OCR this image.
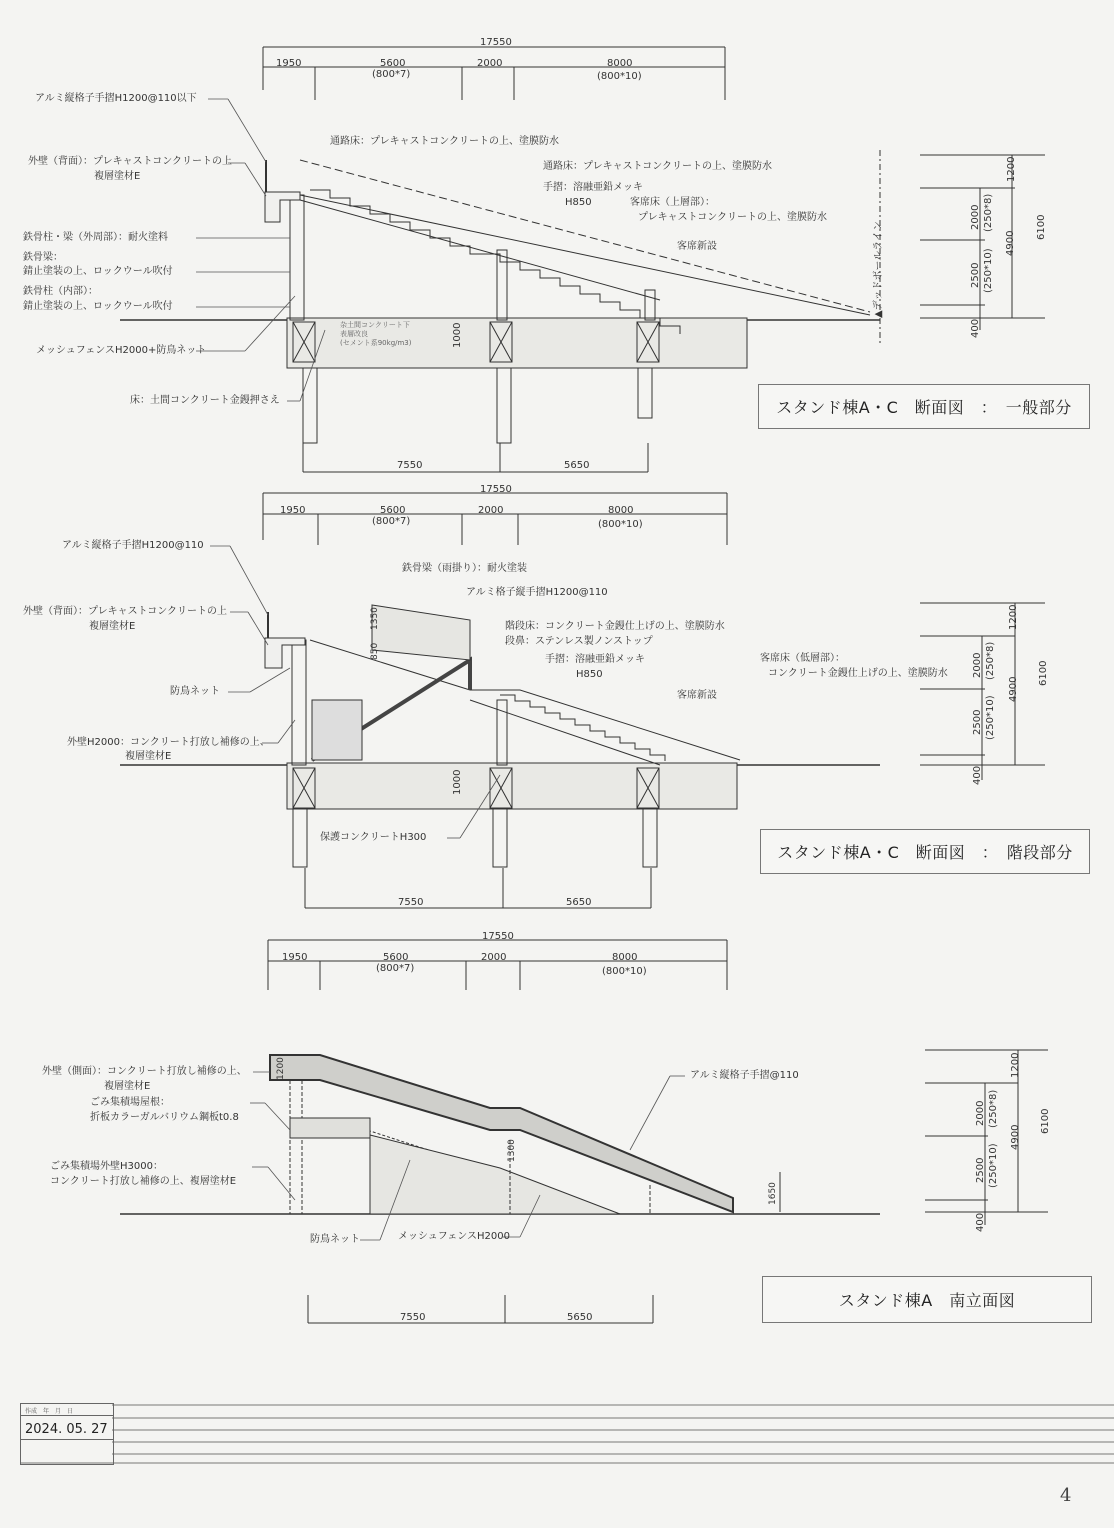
17550
1950	5600
(800*7)
2000	8000
(800*10)
アルミ縦格子手摺H1200@110以下
外壁（背面）：プレキャストコンクリートの上
複層塗材E
鉄骨柱・梁（外周部）：耐火塗料
鉄骨梁：
錆止塗装の上、ロックウール吹付
鉄骨柱（内部）：
錆止塗装の上、ロックウール吹付
メッシュフェンスH2000+防鳥ネット
床：土間コンクリート金鏝押さえ
通路床：プレキャストコンクリートの上、塗膜防水
通路床：プレキャストコンクリートの上、塗膜防水
手摺：溶融亜鉛メッキ
H850	客席床（上層部）：
プレキャストコンクリートの上、塗膜防水
客席新設
杂土間コンクリート下
表層改良
(セメント系90kg/m3)	1000
▲デッドボールライン
1200
2000 (250*8)
2500 (250*10)
400
4900
6100
7550	5650
スタンド棟A・C　断面図　：　一般部分
17550
1950	5600
(800*7)
2000	8000
(800*10)
アルミ縦格子手摺H1200@110
外壁（背面）：プレキャストコンクリートの上
複層塗材E
防鳥ネット
外壁H2000：コンクリート打放し補修の上、
複層塗材E
鉄骨梁（雨掛り）：耐火塗装
アルミ格子縦手摺H1200@110
階段床：コンクリート金鏝仕上げの上、塗膜防水
段鼻：ステンレス製ノンストップ
手摺：溶融亜鉛メッキ
H850
客席床（低層部）：
コンクリート金鏝仕上げの上、塗膜防水
客席新設
保護コンクリートH300
1350
850
1000
1200
2000 (250*8)
2500 (250*10)
400
4900
6100
7550	5650
スタンド棟A・C　断面図　：　階段部分
17550
1950	5600
(800*7)
2000	8000
(800*10)
外壁（側面）：コンクリート打放し補修の上、
複層塗材E
ごみ集積場屋根：
折板カラーガルバリウム鋼板t0.8
ごみ集積場外壁H3000：
コンクリート打放し補修の上、複層塗材E
アルミ縦格子手摺@110
防鳥ネット	メッシュフェンスH2000
1200
1300
1650
1200
2000 (250*8)
2500 (250*10)
400
4900
6100
7550	5650
スタンド棟A　南立面図
作成　年　月　日
2024. 05. 27
4
